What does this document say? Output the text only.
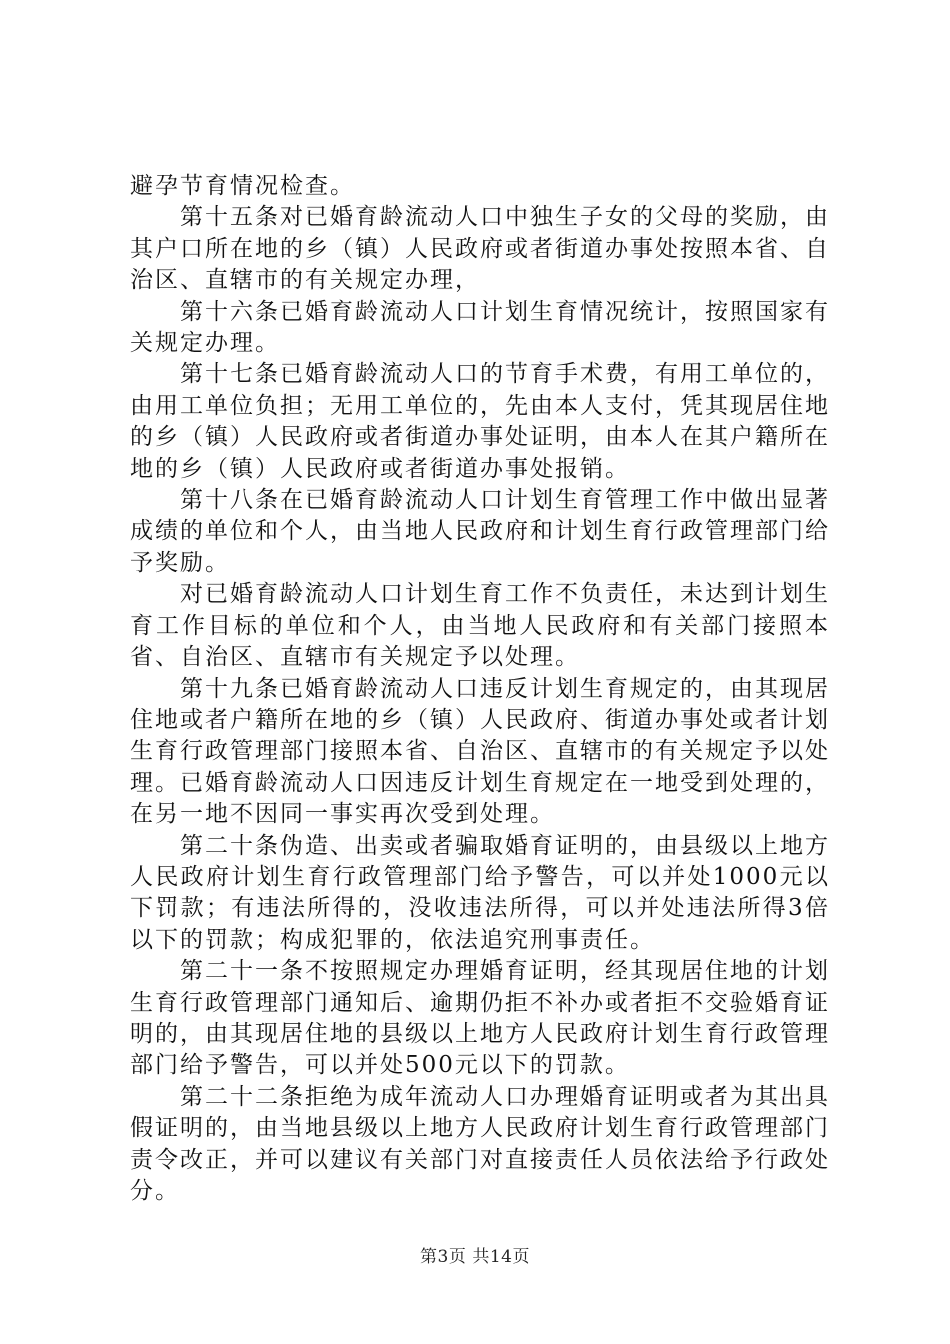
避孕节育情况检查。

第十五条对已婚育龄流动人口中独生子女的父母的奖励，由其户口所在地的乡（镇）人民政府或者街道办事处按照本省、自治区、直辖市的有关规定办理，

第十六条已婚育龄流动人口计划生育情况统计，按照国家有关规定办理。

第十七条已婚育龄流动人口的节育手术费，有用工单位的，由用工单位负担；无用工单位的，先由本人支付，凭其现居住地的乡（镇）人民政府或者街道办事处证明，由本人在其户籍所在地的乡（镇）人民政府或者街道办事处报销。

第十八条在已婚育龄流动人口计划生育管理工作中做出显著成绩的单位和个人，由当地人民政府和计划生育行政管理部门给予奖励。

对已婚育龄流动人口计划生育工作不负责任，未达到计划生育工作目标的单位和个人，由当地人民政府和有关部门接照本省、自治区、直辖市有关规定予以处理。

第十九条已婚育龄流动人口违反计划生育规定的，由其现居住地或者户籍所在地的乡（镇）人民政府、街道办事处或者计划生育行政管理部门接照本省、自治区、直辖市的有关规定予以处理。已婚育龄流动人口因违反计划生育规定在一地受到处理的，在另一地不因同一事实再次受到处理。

第二十条伪造、出卖或者骗取婚育证明的，由县级以上地方人民政府计划生育行政管理部门给予警告，可以并处1000元以下罚款；有违法所得的，没收违法所得，可以并处违法所得3倍以下的罚款；构成犯罪的，依法追究刑事责任。

第二十一条不按照规定办理婚育证明，经其现居住地的计划生育行政管理部门通知后、逾期仍拒不补办或者拒不交验婚育证明的，由其现居住地的县级以上地方人民政府计划生育行政管理部门给予警告，可以并处500元以下的罚款。

第二十二条拒绝为成年流动人口办理婚育证明或者为其出具假证明的，由当地县级以上地方人民政府计划生育行政管理部门责令改正，并可以建议有关部门对直接责任人员依法给予行政处分。

第3页 共14页
